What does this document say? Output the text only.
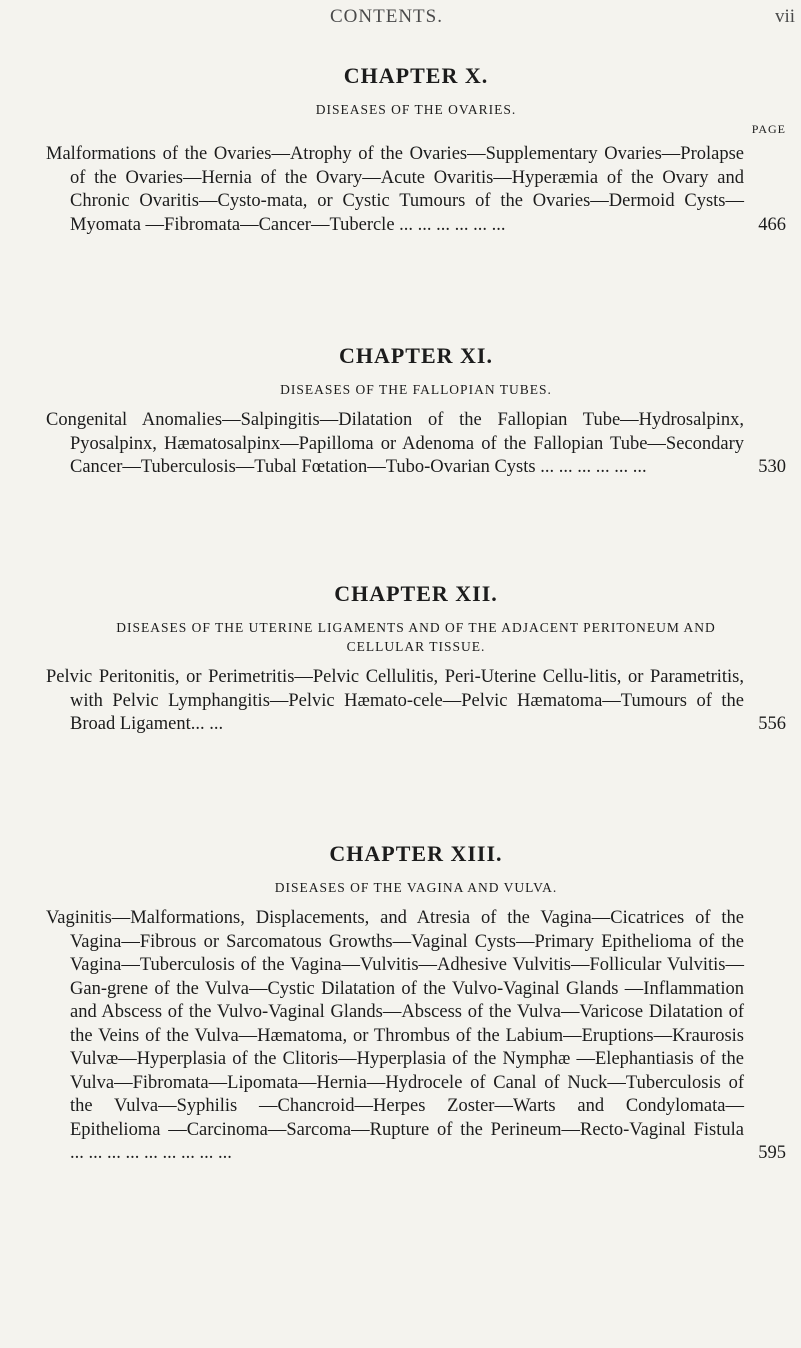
CONTENTS.	vii
CHAPTER X.
DISEASES OF THE OVARIES.
PAGE
Malformations of the Ovaries—Atrophy of the Ovaries—Supplementary Ovaries—Prolapse of the Ovaries—Hernia of the Ovary—Acute Ovaritis—Hyperæmia of the Ovary and Chronic Ovaritis—Cysto-mata, or Cystic Tumours of the Ovaries—Dermoid Cysts—Myomata —Fibromata—Cancer—Tubercle ... ... ... ... ... ...	466
CHAPTER XI.
DISEASES OF THE FALLOPIAN TUBES.
Congenital Anomalies—Salpingitis—Dilatation of the Fallopian Tube—Hydrosalpinx, Pyosalpinx, Hæmatosalpinx—Papilloma or Adenoma of the Fallopian Tube—Secondary Cancer—Tuberculosis—Tubal Fœtation—Tubo-Ovarian Cysts ... ... ... ... ... ...	530
CHAPTER XII.
DISEASES OF THE UTERINE LIGAMENTS AND OF THE ADJACENT PERITONEUM AND CELLULAR TISSUE.
Pelvic Peritonitis, or Perimetritis—Pelvic Cellulitis, Peri-Uterine Cellu-litis, or Parametritis, with Pelvic Lymphangitis—Pelvic Hæmato-cele—Pelvic Hæmatoma—Tumours of the Broad Ligament... ...	556
CHAPTER XIII.
DISEASES OF THE VAGINA AND VULVA.
Vaginitis—Malformations, Displacements, and Atresia of the Vagina—Cicatrices of the Vagina—Fibrous or Sarcomatous Growths—Vaginal Cysts—Primary Epithelioma of the Vagina—Tuberculosis of the Vagina—Vulvitis—Adhesive Vulvitis—Follicular Vulvitis—Gan-grene of the Vulva—Cystic Dilatation of the Vulvo-Vaginal Glands —Inflammation and Abscess of the Vulvo-Vaginal Glands—Abscess of the Vulva—Varicose Dilatation of the Veins of the Vulva—Hæmatoma, or Thrombus of the Labium—Eruptions—Kraurosis Vulvæ—Hyperplasia of the Clitoris—Hyperplasia of the Nymphæ —Elephantiasis of the Vulva—Fibromata—Lipomata—Hernia—Hydrocele of Canal of Nuck—Tuberculosis of the Vulva—Syphilis —Chancroid—Herpes Zoster—Warts and Condylomata—Epithelioma —Carcinoma—Sarcoma—Rupture of the Perineum—Recto-Vaginal Fistula ... ... ... ... ... ... ... ... ...	595
